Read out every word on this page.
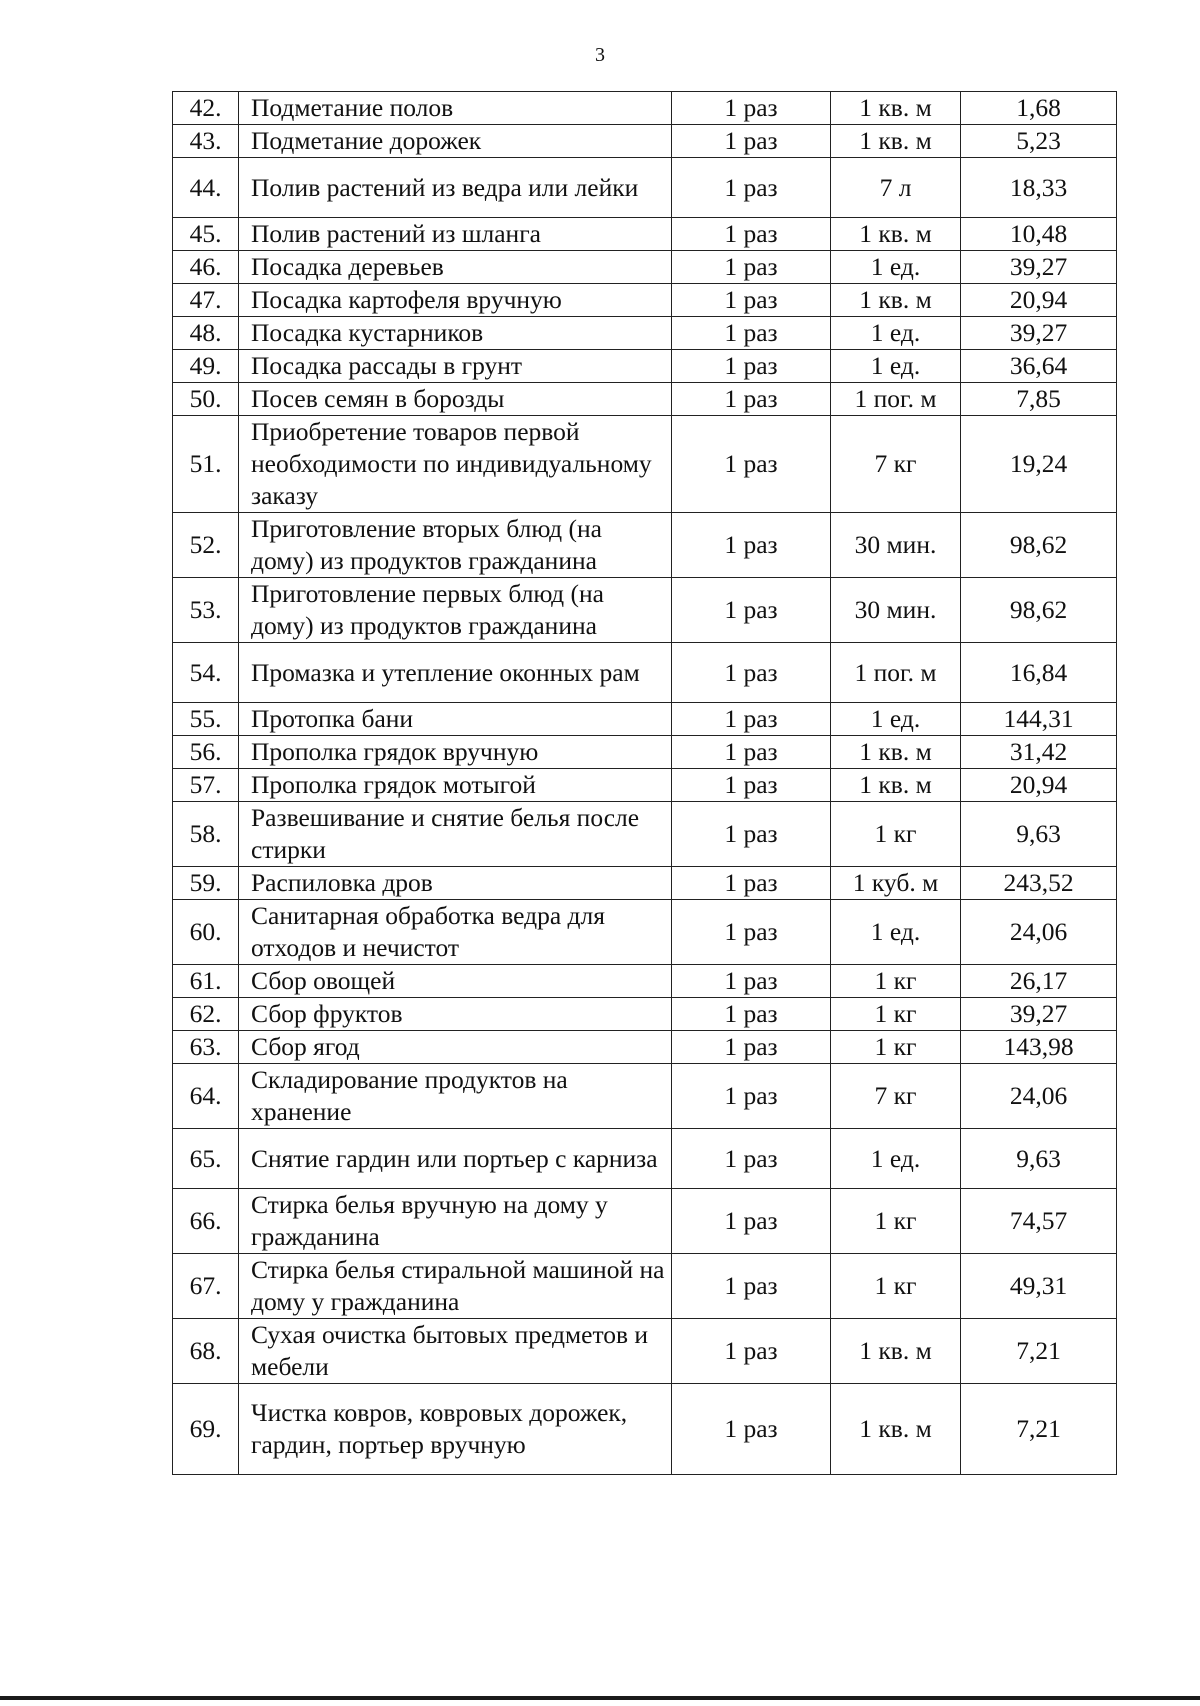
3
42.	Подметание полов	1 раз	1 кв. м	1,68
43.	Подметание дорожек	1 раз	1 кв. м	5,23
44.	Полив растений из ведра или лейки	1 раз	7 л	18,33
45.	Полив растений из шланга	1 раз	1 кв. м	10,48
46.	Посадка деревьев	1 раз	1 ед.	39,27
47.	Посадка картофеля вручную	1 раз	1 кв. м	20,94
48.	Посадка кустарников	1 раз	1 ед.	39,27
49.	Посадка рассады в грунт	1 раз	1 ед.	36,64
50.	Посев семян в борозды	1 раз	1 пог. м	7,85
51.	Приобретение товаров первой необходимости по индивидуальному заказу	1 раз	7 кг	19,24
52.	Приготовление вторых блюд (на дому) из продуктов гражданина	1 раз	30 мин.	98,62
53.	Приготовление первых блюд (на дому) из продуктов гражданина	1 раз	30 мин.	98,62
54.	Промазка и утепление оконных рам	1 раз	1 пог. м	16,84
55.	Протопка бани	1 раз	1 ед.	144,31
56.	Прополка грядок вручную	1 раз	1 кв. м	31,42
57.	Прополка грядок мотыгой	1 раз	1 кв. м	20,94
58.	Развешивание и снятие белья после стирки	1 раз	1 кг	9,63
59.	Распиловка дров	1 раз	1 куб. м	243,52
60.	Санитарная обработка ведра для отходов и нечистот	1 раз	1 ед.	24,06
61.	Сбор овощей	1 раз	1 кг	26,17
62.	Сбор фруктов	1 раз	1 кг	39,27
63.	Сбор ягод	1 раз	1 кг	143,98
64.	Складирование продуктов на хранение	1 раз	7 кг	24,06
65.	Снятие гардин или портьер с карниза	1 раз	1 ед.	9,63
66.	Стирка белья вручную на дому у гражданина	1 раз	1 кг	74,57
67.	Стирка белья стиральной машиной на дому у гражданина	1 раз	1 кг	49,31
68.	Сухая очистка бытовых предметов и мебели	1 раз	1 кв. м	7,21
69.	Чистка ковров, ковровых дорожек, гардин, портьер вручную	1 раз	1 кв. м	7,21
